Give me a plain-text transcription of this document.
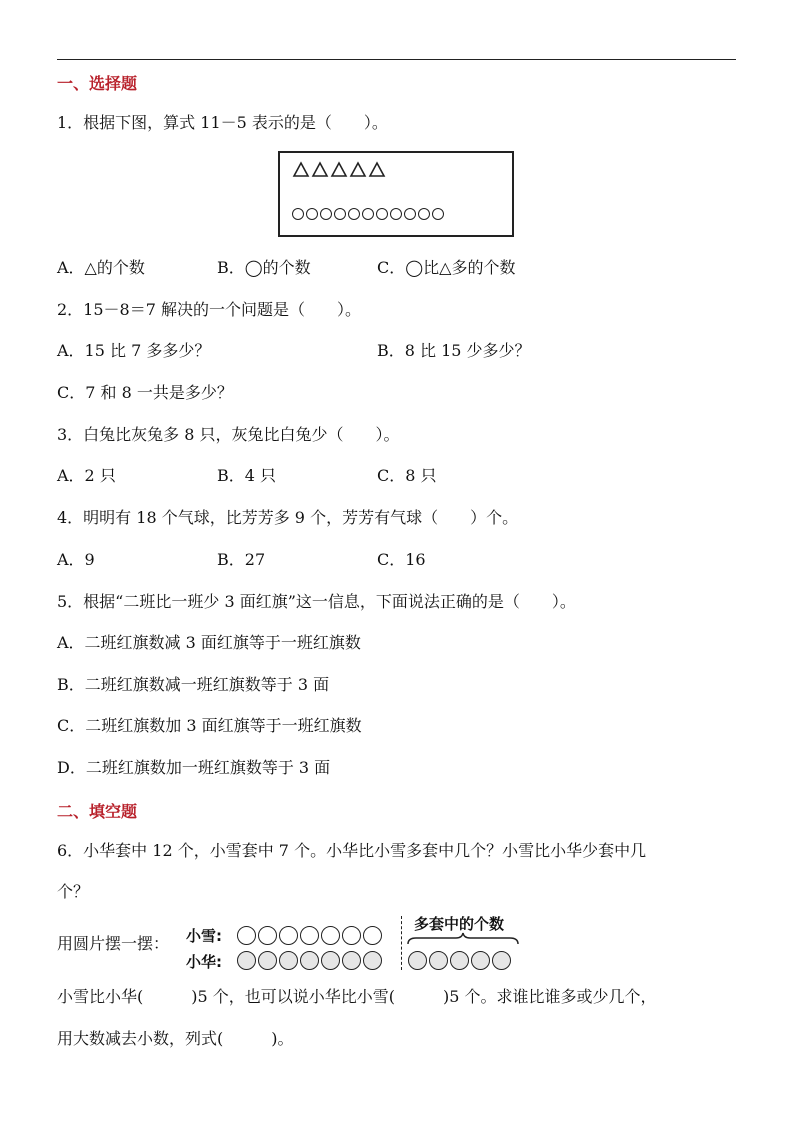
一、选择题
1．根据下图，算式 11－5 表示的是（　　）。
A．△的个数	B．◯的个数	C．◯比△多的个数
2．15－8＝7 解决的一个问题是（　　）。
A．15 比 7 多多少？	B．8 比 15 少多少？
C．7 和 8 一共是多少？
3．白兔比灰兔多 8 只，灰兔比白兔少（　　）。
A．2 只	B．4 只	C．8 只
4．明明有 18 个气球，比芳芳多 9 个，芳芳有气球（　　）个。
A．9	B．27	C．16
5．根据“二班比一班少 3 面红旗”这一信息，下面说法正确的是（　　）。
A．二班红旗数减 3 面红旗等于一班红旗数
B．二班红旗数减一班红旗数等于 3 面
C．二班红旗数加 3 面红旗等于一班红旗数
D．二班红旗数加一班红旗数等于 3 面
二、填空题
6．小华套中 12 个，小雪套中 7 个。小华比小雪多套中几个？小雪比小华少套中几
个？
用圆片摆一摆： 小雪:
小华:
多套中的个数
小雪比小华(　　　)5 个，也可以说小华比小雪(　　　)5 个。求谁比谁多或少几个，
用大数减去小数，列式(　　　)。
